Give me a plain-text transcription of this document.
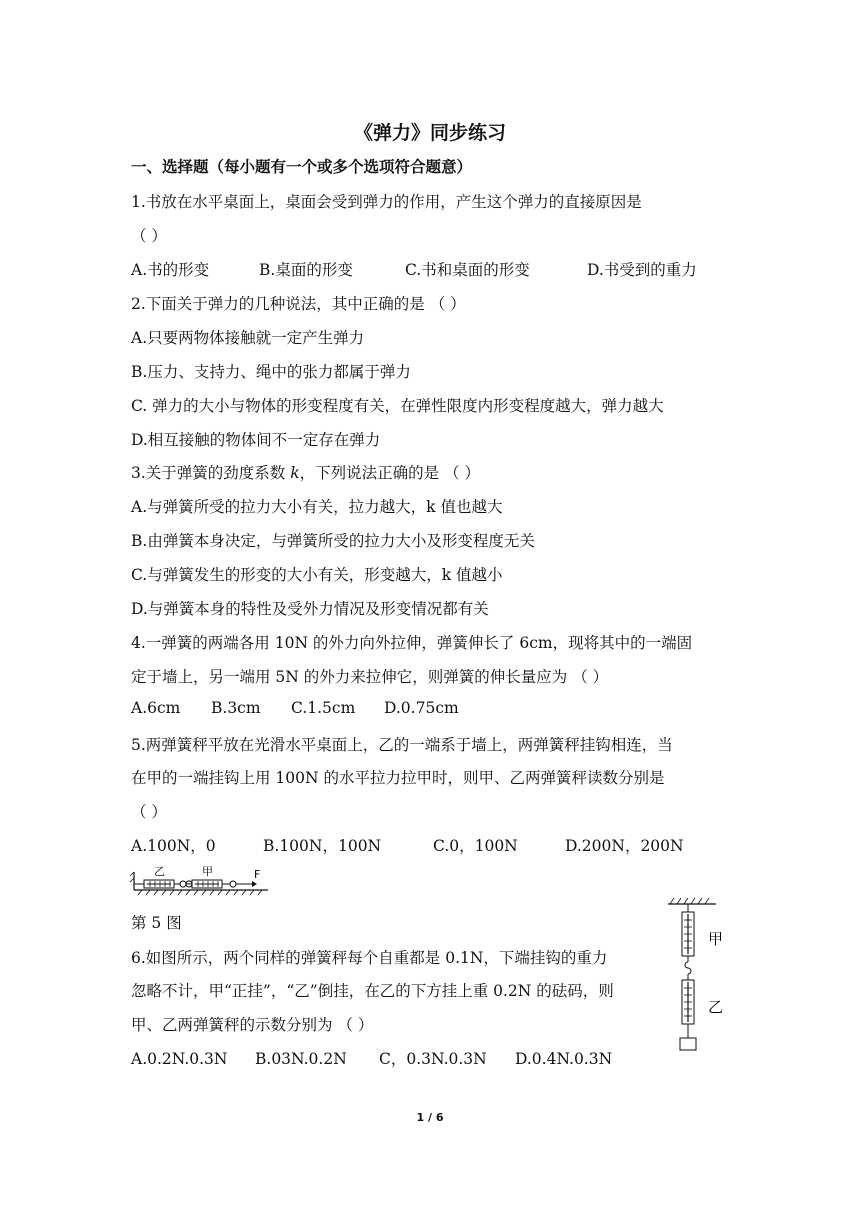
《弹力》同步练习
一、选择题（每小题有一个或多个选项符合题意）
1.书放在水平桌面上，桌面会受到弹力的作用，产生这个弹力的直接原因是
（ ）
A.书的形变	B.桌面的形变	C.书和桌面的形变	D.书受到的重力
2.下面关于弹力的几种说法，其中正确的是 （ ）
A.只要两物体接触就一定产生弹力
B.压力、支持力、绳中的张力都属于弹力
C. 弹力的大小与物体的形变程度有关，在弹性限度内形变程度越大，弹力越大
D.相互接触的物体间不一定存在弹力
3.关于弹簧的劲度系数 k，下列说法正确的是 （ ）
A.与弹簧所受的拉力大小有关，拉力越大，k 值也越大
B.由弹簧本身决定，与弹簧所受的拉力大小及形变程度无关
C.与弹簧发生的形变的大小有关，形变越大，k 值越小
D.与弹簧本身的特性及受外力情况及形变情况都有关
4.一弹簧的两端各用 10N 的外力向外拉伸，弹簧伸长了 6cm，现将其中的一端固
定于墙上，另一端用 5N 的外力来拉伸它，则弹簧的伸长量应为 （ ）
A.6cm B.3cm C.1.5cm D.0.75cm
5.两弹簧秤平放在光滑水平桌面上，乙的一端系于墙上，两弹簧秤挂钩相连，当
在甲的一端挂钩上用 100N 的水平拉力拉甲时，则甲、乙两弹簧秤读数分别是
（ ）
A.100N，0	B.100N，100N	C.0，100N	D.200N，200N
乙	甲	F
第 5 图
6.如图所示，两个同样的弹簧秤每个自重都是 0.1N，下端挂钩的重力
忽略不计，甲“正挂”，“乙”倒挂，在乙的下方挂上重 0.2N 的砝码，则
甲、乙两弹簧秤的示数分别为 （ ）
A.0.2N.0.3N B.03N.0.2N C，0.3N.0.3N D.0.4N.0.3N
甲
乙
1 / 6
